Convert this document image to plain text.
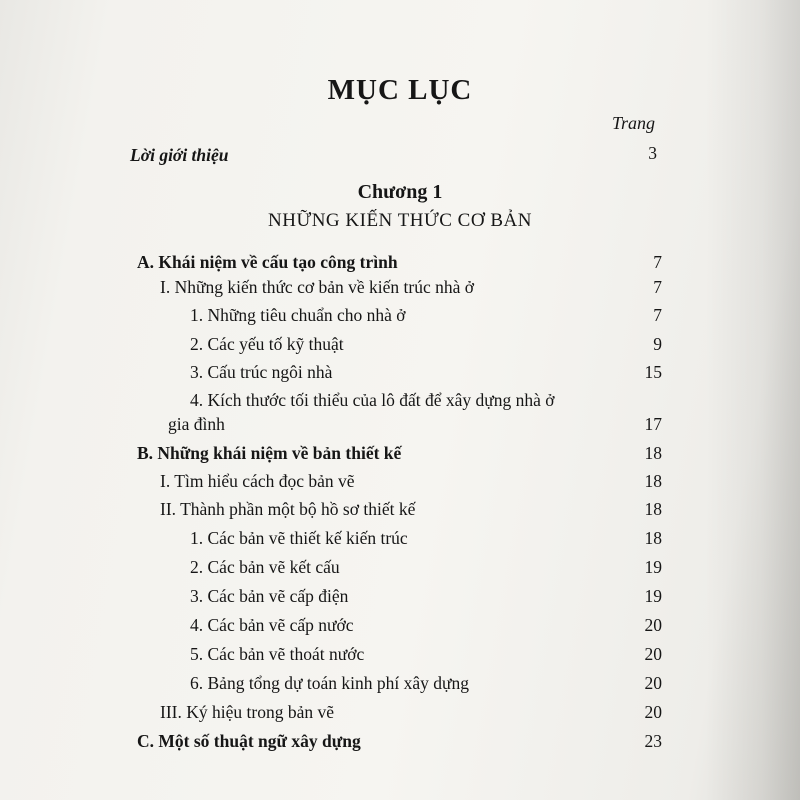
MỤC LỤC
Trang
Lời giới thiệu	3
Chương 1
NHỮNG KIẾN THỨC CƠ BẢN
A. Khái niệm về cấu tạo công trình	7
I. Những kiến thức cơ bản về kiến trúc nhà ở	7
1. Những tiêu chuẩn cho nhà ở	7
2. Các yếu tố kỹ thuật	9
3. Cấu trúc ngôi nhà	15
4. Kích thước tối thiểu của lô đất để xây dựng nhà ở
gia đình	17
B. Những khái niệm về bản thiết kế	18
I. Tìm hiểu cách đọc bản vẽ	18
II. Thành phần một bộ hồ sơ thiết kế	18
1. Các bản vẽ thiết kế kiến trúc	18
2. Các bản vẽ kết cấu	19
3. Các bản vẽ cấp điện	19
4. Các bản vẽ cấp nước	20
5. Các bản vẽ thoát nước	20
6. Bảng tổng dự toán kinh phí xây dựng	20
III. Ký hiệu trong bản vẽ	20
C. Một số thuật ngữ xây dựng	23
